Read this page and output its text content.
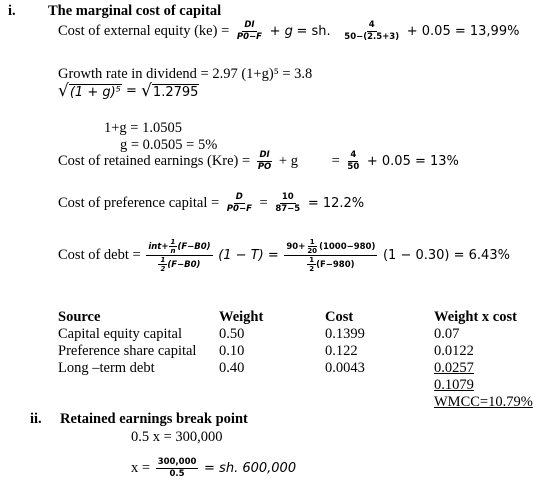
i. The marginal cost of capital
Cost of external equity $(ke) = \frac{DI}{P0-F} + g$ = sh. $\frac{4}{50-(2.5+3)} + 0.05 = 13,99\%$
Growth rate in dividend = 2.97 (1+g)⁵ = 3.8
√(1 + g)⁵ = √1.2795
1+g = 1.0505
g = 0.0505 = 5%
Cost of retained earnings $(Kre) = \frac{DI}{PO} + g = \frac{4}{50} + 0.05 = 13\%$
Cost of preference capital = $\frac{D}{P0-F} = \frac{10}{87-5} = 12.2\%$
Cost of debt = $\frac{int+ \frac{1}{n} (F-B0)}{\frac{1}{2} (F-B0)} (1 - T) = \frac{90+ \frac{1}{20} (1000-980)}{\frac{1}{2} (F-980)} (1 - 0.30) = 6.43\%$
Source	Weight	Cost	Weight x cost
Capital equity capital	0.50	0.1399	0.07
Preference share capital	0.10	0.122	0.0122
Long –term debt	0.40	0.0043	0.0257
			0.1079
			WMCC=10.79%
ii. Retained earnings break point
0.5 x = 300,000
$x = \frac{300,000}{0.5}$ = sh. 600,000
